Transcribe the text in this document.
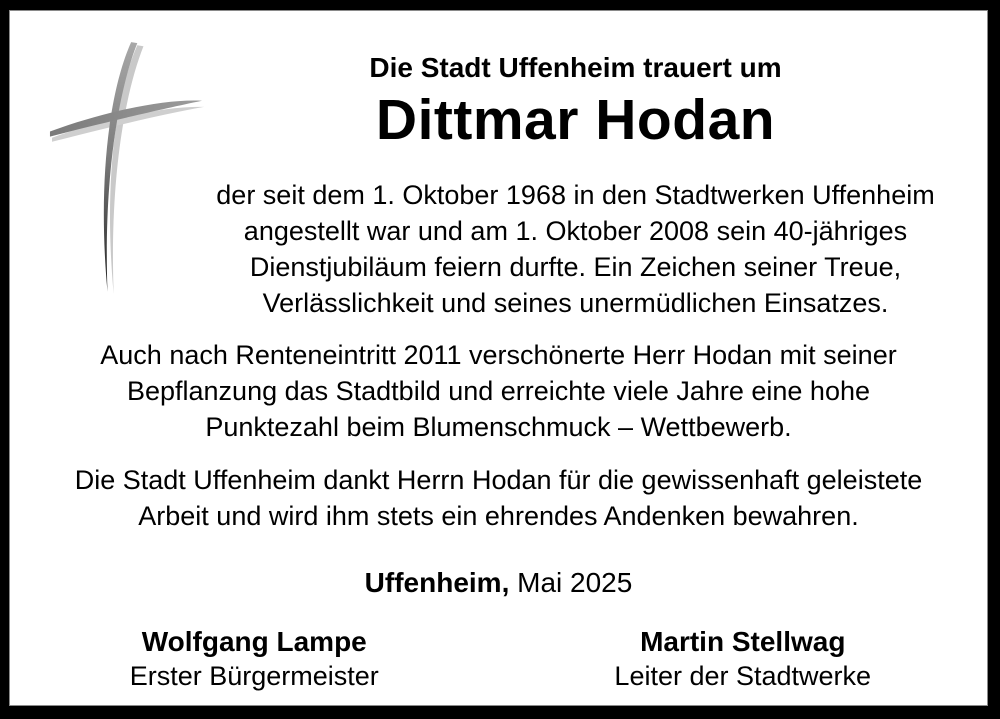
Die Stadt Uffenheim trauert um
Dittmar Hodan

der seit dem 1. Oktober 1968 in den Stadtwerken Uffenheim
angestellt war und am 1. Oktober 2008 sein 40-jähriges
Dienstjubiläum feiern durfte. Ein Zeichen seiner Treue,
Verlässlichkeit und seines unermüdlichen Einsatzes.

Auch nach Renteneintritt 2011 verschönerte Herr Hodan mit seiner
Bepflanzung das Stadtbild und erreichte viele Jahre eine hohe
Punktezahl beim Blumenschmuck – Wettbewerb.

Die Stadt Uffenheim dankt Herrn Hodan für die gewissenhaft geleistete
Arbeit und wird ihm stets ein ehrendes Andenken bewahren.

Uffenheim, Mai 2025
Wolfgang Lampe
Erster Bürgermeister
Martin Stellwag
Leiter der Stadtwerke
